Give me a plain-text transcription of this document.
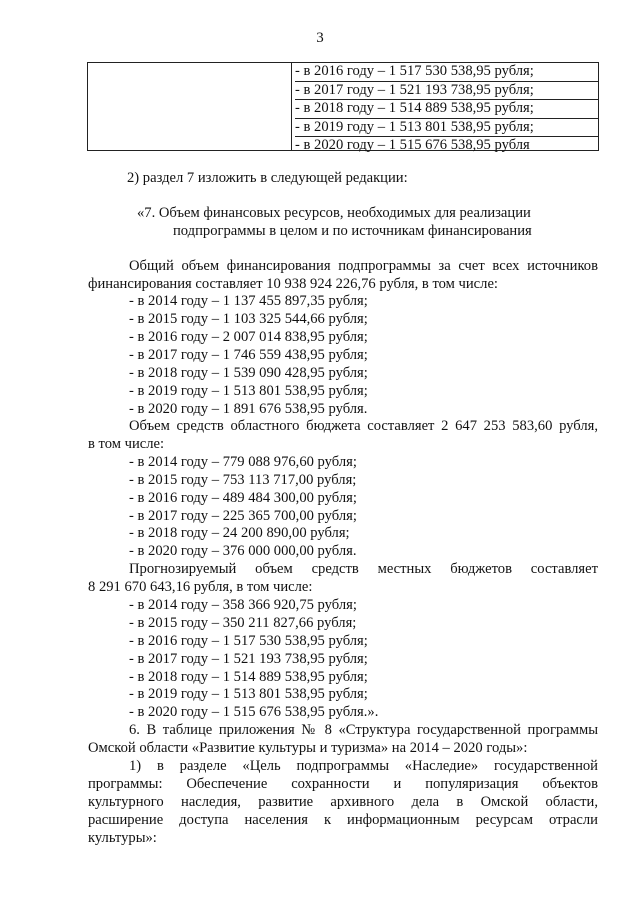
3
- в 2016 году – 1 517 530 538,95 рубля;
- в 2017 году – 1 521 193 738,95 рубля;
- в 2018 году – 1 514 889 538,95 рубля;
- в 2019 году – 1 513 801 538,95 рубля;
- в 2020 году – 1 515 676 538,95 рубля
2) раздел 7 изложить в следующей редакции:
«7. Объем финансовых ресурсов, необходимых для реализации
подпрограммы в целом и по источникам финансирования
Общий объем финансирования подпрограммы за счет всех источников
финансирования составляет 10 938 924 226,76 рубля, в том числе:
- в 2014 году – 1 137 455 897,35 рубля;
- в 2015 году – 1 103 325 544,66 рубля;
- в 2016 году – 2 007 014 838,95 рубля;
- в 2017 году – 1 746 559 438,95 рубля;
- в 2018 году – 1 539 090 428,95 рубля;
- в 2019 году – 1 513 801 538,95 рубля;
- в 2020 году – 1 891 676 538,95 рубля.
Объем средств областного бюджета составляет 2 647 253 583,60 рубля,
в том числе:
- в 2014 году – 779 088 976,60 рубля;
- в 2015 году – 753 113 717,00 рубля;
- в 2016 году – 489 484 300,00 рубля;
- в 2017 году – 225 365 700,00 рубля;
- в 2018 году – 24 200 890,00 рубля;
- в 2020 году – 376 000 000,00 рубля.
Прогнозируемый объем средств местных бюджетов составляет
8 291 670 643,16 рубля, в том числе:
- в 2014 году – 358 366 920,75 рубля;
- в 2015 году – 350 211 827,66 рубля;
- в 2016 году – 1 517 530 538,95 рубля;
- в 2017 году – 1 521 193 738,95 рубля;
- в 2018 году – 1 514 889 538,95 рубля;
- в 2019 году – 1 513 801 538,95 рубля;
- в 2020 году – 1 515 676 538,95 рубля.».
6. В таблице приложения № 8 «Структура государственной программы
Омской области «Развитие культуры и туризма» на 2014 – 2020 годы»:
1) в разделе «Цель подпрограммы «Наследие» государственной
программы: Обеспечение сохранности и популяризация объектов
культурного наследия, развитие архивного дела в Омской области,
расширение доступа населения к информационным ресурсам отрасли
культуры»:
